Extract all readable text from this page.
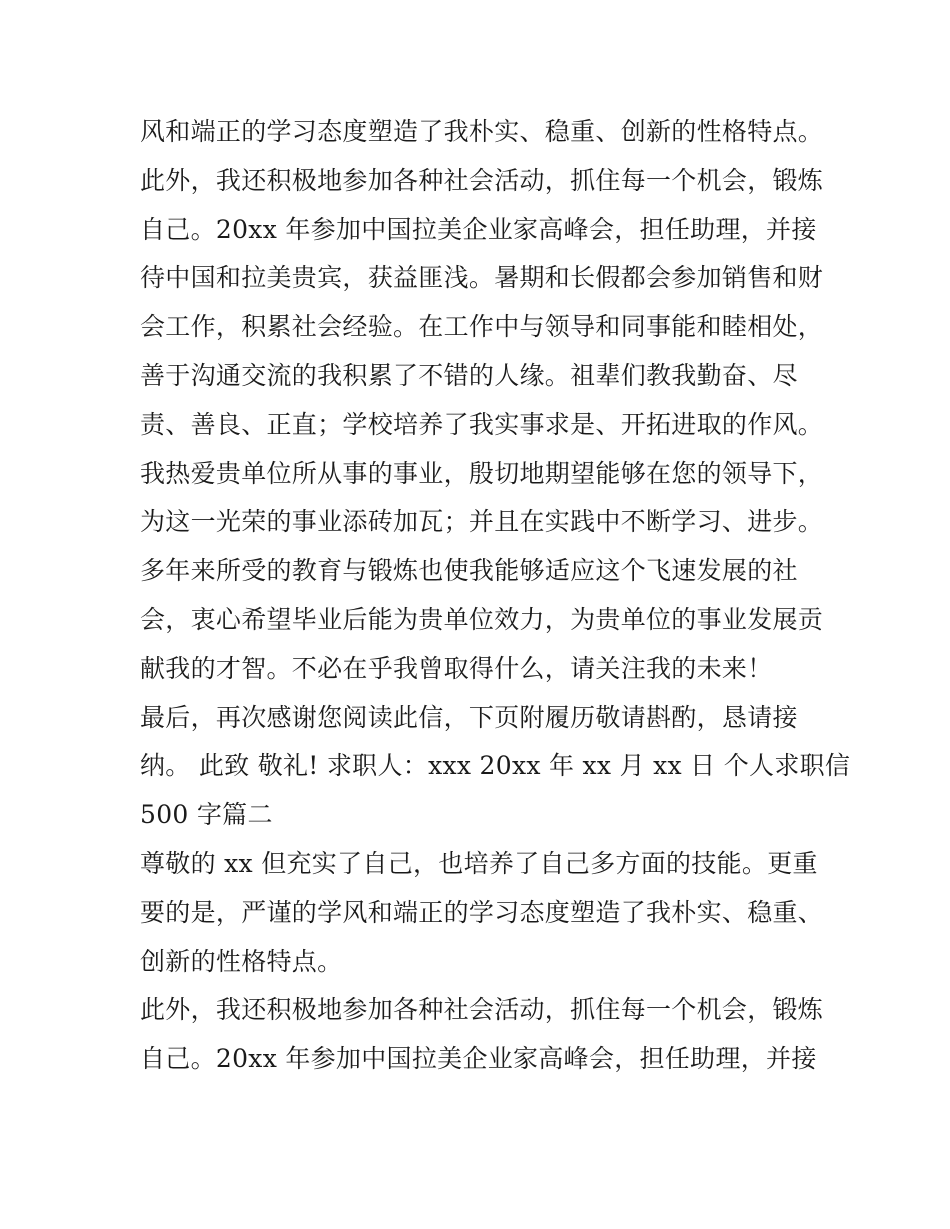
风和端正的学习态度塑造了我朴实、稳重、创新的性格特点。
此外，我还积极地参加各种社会活动，抓住每一个机会，锻炼
自己。20xx 年参加中国拉美企业家高峰会，担任助理，并接
待中国和拉美贵宾，获益匪浅。暑期和长假都会参加销售和财
会工作，积累社会经验。在工作中与领导和同事能和睦相处，
善于沟通交流的我积累了不错的人缘。祖辈们教我勤奋、尽
责、善良、正直；学校培养了我实事求是、开拓进取的作风。
我热爱贵单位所从事的事业，殷切地期望能够在您的领导下，
为这一光荣的事业添砖加瓦；并且在实践中不断学习、进步。
多年来所受的教育与锻炼也使我能够适应这个飞速发展的社
会，衷心希望毕业后能为贵单位效力，为贵单位的事业发展贡
献我的才智。不必在乎我曾取得什么，请关注我的未来！
最后，再次感谢您阅读此信，下页附履历敬请斟酌，恳请接
纳。 此致 敬礼! 求职人：xxx 20xx 年 xx 月 xx 日 个人求职信
500 字篇二
尊敬的 xx 但充实了自己，也培养了自己多方面的技能。更重
要的是，严谨的学风和端正的学习态度塑造了我朴实、稳重、
创新的性格特点。
此外，我还积极地参加各种社会活动，抓住每一个机会，锻炼
自己。20xx 年参加中国拉美企业家高峰会，担任助理，并接
